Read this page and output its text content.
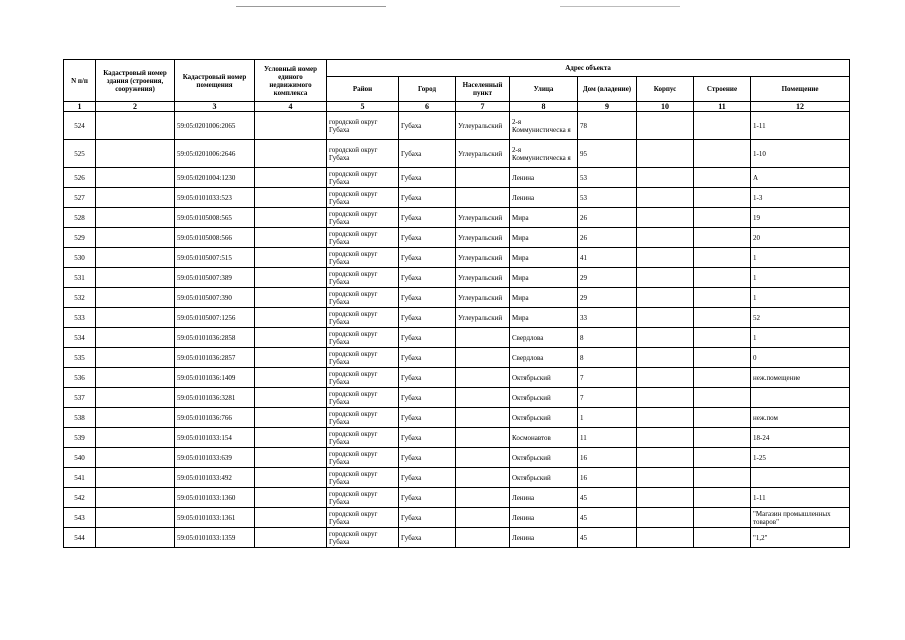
N п/п	Кадастровый номер здания (строения, сооружения)	Кадастровый номер помещения	Условный номер единого недвижимого комплекса	Адрес объекта							
				Район	Город	Населенный пункт	Улица	Дом (владение)	Корпус	Строение	Помещение
1	2	3	4	5	6	7	8	9	10	11	12
524		59:05:0201006:2065		городской округ Губаха	Губаха	Углеуральский	2-я Коммунистическа я	78			1-11
525		59:05:0201006:2646		городской округ Губаха	Губаха	Углеуральский	2-я Коммунистическа я	95			1-10
526		59:05:0201004:1230		городской округ Губаха	Губаха		Ленина	53			А
527		59:05:0101033:523		городской округ Губаха	Губаха		Ленина	53			1-3
528		59:05:0105008:565		городской округ Губаха	Губаха	Углеуральский	Мира	26			19
529		59:05:0105008:566		городской округ Губаха	Губаха	Углеуральский	Мира	26			20
530		59:05:0105007:515		городской округ Губаха	Губаха	Углеуральский	Мира	41			1
531		59:05:0105007:389		городской округ Губаха	Губаха	Углеуральский	Мира	29			1
532		59:05:0105007:390		городской округ Губаха	Губаха	Углеуральский	Мира	29			1
533		59:05:0105007:1256		городской округ Губаха	Губаха	Углеуральский	Мира	33			52
534		59:05:0101036:2858		городской округ Губаха	Губаха		Свердлова	8			1
535		59:05:0101036:2857		городской округ Губаха	Губаха		Свердлова	8			0
536		59:05:0101036:1409		городской округ Губаха	Губаха		Октябрьский	7			неж.помещение
537		59:05:0101036:3281		городской округ Губаха	Губаха		Октябрьский	7			
538		59:05:0101036:766		городской округ Губаха	Губаха		Октябрьский	1			неж.пом
539		59:05:0101033:154		городской округ Губаха	Губаха		Космонавтов	11			18-24
540		59:05:0101033:639		городской округ Губаха	Губаха		Октябрьский	16			1-25
541		59:05:0101033:492		городской округ Губаха	Губаха		Октябрьский	16			
542		59:05:0101033:1360		городской округ Губаха	Губаха		Ленина	45			1-11
543		59:05:0101033:1361		городской округ Губаха	Губаха		Ленина	45			"Магазин промышленных товаров"
544		59:05:0101033:1359		городской округ Губаха	Губаха		Ленина	45			"1,2"
